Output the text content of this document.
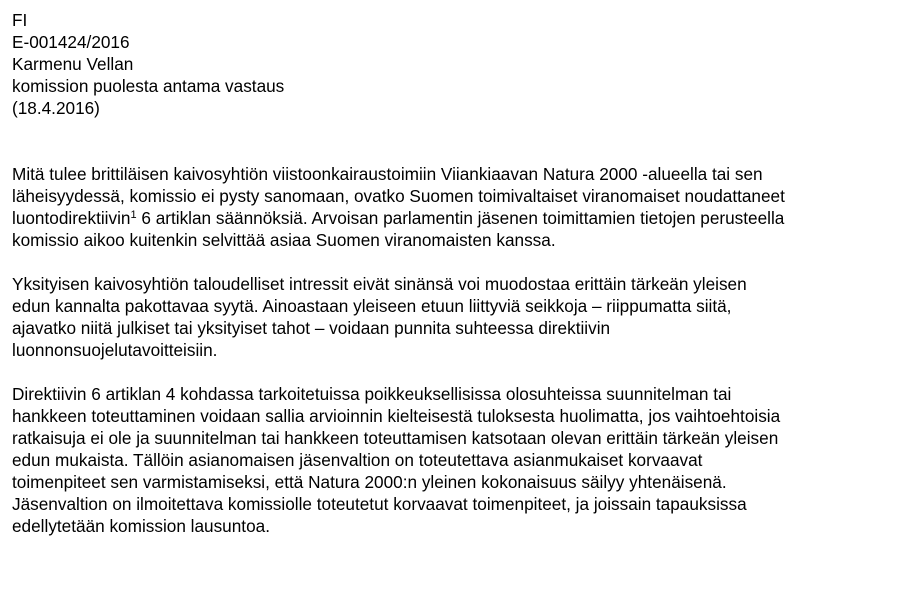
FI
E-001424/2016
Karmenu Vellan
komission puolesta antama vastaus
(18.4.2016)

Mitä tulee brittiläisen kaivosyhtiön viistoonkairaustoimiin Viiankiaavan Natura 2000 -alueella tai sen
läheisyydessä, komissio ei pysty sanomaan, ovatko Suomen toimivaltaiset viranomaiset noudattaneet
luontodirektiivin$^1$ 6 artiklan säännöksiä. Arvoisan parlamentin jäsenen toimittamien tietojen perusteella
komissio aikoo kuitenkin selvittää asiaa Suomen viranomaisten kanssa.

Yksityisen kaivosyhtiön taloudelliset intressit eivät sinänsä voi muodostaa erittäin tärkeän yleisen
edun kannalta pakottavaa syytä. Ainoastaan yleiseen etuun liittyviä seikkoja – riippumatta siitä,
ajavatko niitä julkiset tai yksityiset tahot – voidaan punnita suhteessa direktiivin
luonnonsuojelutavoitteisiin.

Direktiivin 6 artiklan 4 kohdassa tarkoitetuissa poikkeuksellisissa olosuhteissa suunnitelman tai
hankkeen toteuttaminen voidaan sallia arvioinnin kielteisestä tuloksesta huolimatta, jos vaihtoehtoisia
ratkaisuja ei ole ja suunnitelman tai hankkeen toteuttamisen katsotaan olevan erittäin tärkeän yleisen
edun mukaista. Tällöin asianomaisen jäsenvaltion on toteutettava asianmukaiset korvaavat
toimenpiteet sen varmistamiseksi, että Natura 2000:n yleinen kokonaisuus säilyy yhtenäisenä.
Jäsenvaltion on ilmoitettava komissiolle toteutetut korvaavat toimenpiteet, ja joissain tapauksissa
edellytetään komission lausuntoa.
